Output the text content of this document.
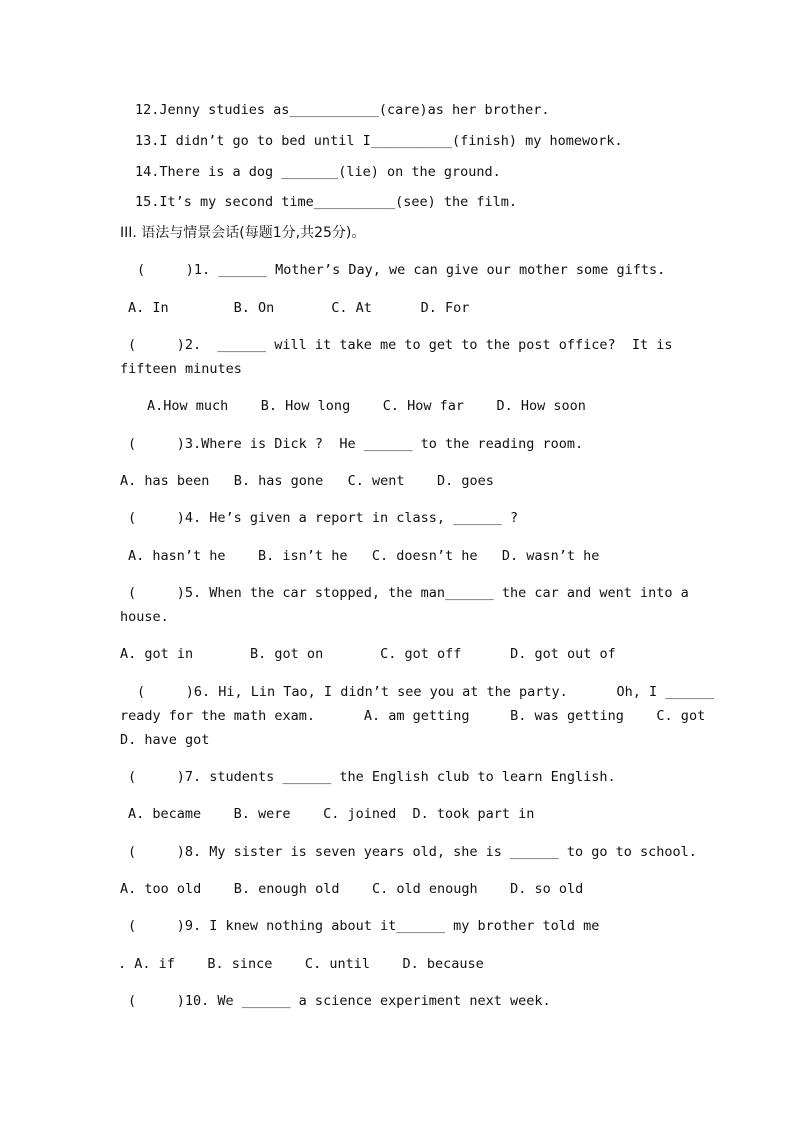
12.Jenny studies as___________(care)as her brother.
13.I didn’t go to bed until I__________(finish) my homework.
14.There is a dog _______(lie) on the ground.
15.It’s my second time__________(see) the film.
III. 语法与情景会话(每题1分,共25分)。
(     )1. ______ Mother’s Day, we can give our mother some gifts.
A. In        B. On       C. At      D. For
(     )2.  ______ will it take me to get to the post office?  It is
fifteen minutes
A.How much    B. How long    C. How far    D. How soon
(     )3.Where is Dick ?  He ______ to the reading room.
A. has been   B. has gone   C. went    D. goes
(     )4. He’s given a report in class, ______ ?
A. hasn’t he    B. isn’t he   C. doesn’t he   D. wasn’t he
(     )5. When the car stopped, the man______ the car and went into a
house.
A. got in       B. got on       C. got off      D. got out of
(     )6. Hi, Lin Tao, I didn’t see you at the party.      Oh, I ______
ready for the math exam.      A. am getting     B. was getting    C. got
D. have got
(     )7. students ______ the English club to learn English.
A. became    B. were    C. joined  D. took part in
(     )8. My sister is seven years old, she is ______ to go to school.
A. too old    B. enough old    C. old enough    D. so old
(     )9. I knew nothing about it______ my brother told me
. A. if    B. since    C. until    D. because
(     )10. We ______ a science experiment next week.
